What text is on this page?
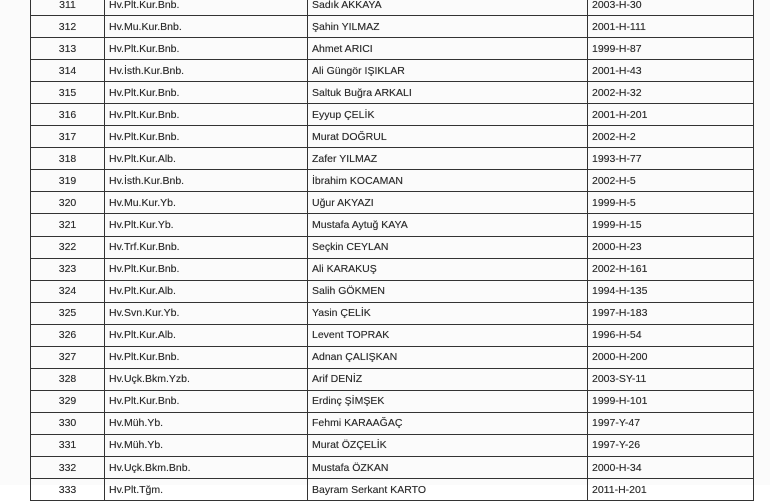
311	Hv.Plt.Kur.Bnb.	Sadık AKKAYA	2003-H-30
312	Hv.Mu.Kur.Bnb.	Şahin YILMAZ	2001-H-111
313	Hv.Plt.Kur.Bnb.	Ahmet ARICI	1999-H-87
314	Hv.İsth.Kur.Bnb.	Ali Güngör IŞIKLAR	2001-H-43
315	Hv.Plt.Kur.Bnb.	Saltuk Buğra ARKALI	2002-H-32
316	Hv.Plt.Kur.Bnb.	Eyyup ÇELİK	2001-H-201
317	Hv.Plt.Kur.Bnb.	Murat DOĞRUL	2002-H-2
318	Hv.Plt.Kur.Alb.	Zafer YILMAZ	1993-H-77
319	Hv.İsth.Kur.Bnb.	İbrahim KOCAMAN	2002-H-5
320	Hv.Mu.Kur.Yb.	Uğur AKYAZI	1999-H-5
321	Hv.Plt.Kur.Yb.	Mustafa Aytuğ KAYA	1999-H-15
322	Hv.Trf.Kur.Bnb.	Seçkin CEYLAN	2000-H-23
323	Hv.Plt.Kur.Bnb.	Ali KARAKUŞ	2002-H-161
324	Hv.Plt.Kur.Alb.	Salih GÖKMEN	1994-H-135
325	Hv.Svn.Kur.Yb.	Yasin ÇELİK	1997-H-183
326	Hv.Plt.Kur.Alb.	Levent TOPRAK	1996-H-54
327	Hv.Plt.Kur.Bnb.	Adnan ÇALIŞKAN	2000-H-200
328	Hv.Uçk.Bkm.Yzb.	Arif DENİZ	2003-SY-11
329	Hv.Plt.Kur.Bnb.	Erdinç ŞİMŞEK	1999-H-101
330	Hv.Müh.Yb.	Fehmi KARAAĞAÇ	1997-Y-47
331	Hv.Müh.Yb.	Murat ÖZÇELİK	1997-Y-26
332	Hv.Uçk.Bkm.Bnb.	Mustafa ÖZKAN	2000-H-34
333	Hv.Plt.Tğm.	Bayram Serkant KARTO	2011-H-201
